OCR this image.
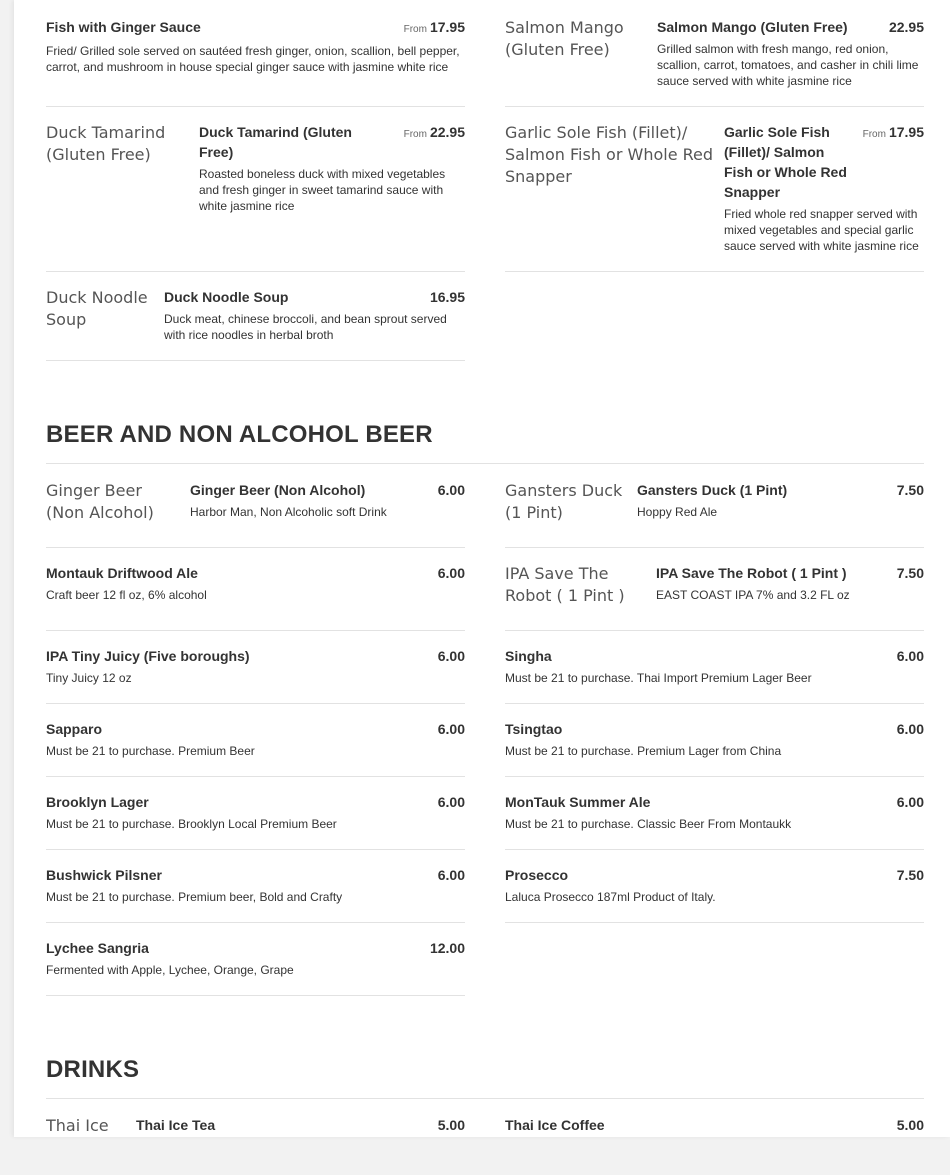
Fish with Ginger Sauce	From 17.95
Fried/ Grilled sole served on sautéed fresh ginger, onion, scallion, bell pepper, carrot, and mushroom in house special ginger sauce with jasmine white rice
Salmon Mango (Gluten Free)
Salmon Mango (Gluten Free)	22.95
Grilled salmon with fresh mango, red onion, scallion, carrot, tomatoes, and casher in chili lime sauce served with white jasmine rice
Duck Tamarind (Gluten Free)
Duck Tamarind (Gluten Free)
From 22.95
Roasted boneless duck with mixed vegetables and fresh ginger in sweet tamarind sauce with white jasmine rice
Garlic Sole Fish (Fillet)/ Salmon Fish or Whole Red Snapper
Garlic Sole Fish (Fillet)/ Salmon Fish or Whole Red Snapper
From 17.95
Fried whole red snapper served with mixed vegetables and special garlic sauce served with white jasmine rice
Duck Noodle Soup
Duck Noodle Soup	16.95
Duck meat, chinese broccoli, and bean sprout served with rice noodles in herbal broth
BEER AND NON ALCOHOL BEER
Ginger Beer (Non Alcohol)
Ginger Beer (Non Alcohol)	6.00
Harbor Man, Non Alcoholic soft Drink
Gansters Duck (1 Pint)
Gansters Duck (1 Pint)	7.50
Hoppy Red Ale
Montauk Driftwood Ale	6.00
Craft beer 12 fl oz, 6% alcohol
IPA Save The Robot ( 1 Pint )
IPA Save The Robot ( 1 Pint )	7.50
EAST COAST IPA 7% and 3.2 FL oz
IPA Tiny Juicy (Five boroughs)	6.00
Tiny Juicy 12 oz
Singha	6.00
Must be 21 to purchase. Thai Import Premium Lager Beer
Sapparo	6.00
Must be 21 to purchase. Premium Beer
Tsingtao	6.00
Must be 21 to purchase. Premium Lager from China
Brooklyn Lager	6.00
Must be 21 to purchase. Brooklyn Local Premium Beer
MonTauk Summer Ale	6.00
Must be 21 to purchase. Classic Beer From Montaukk
Bushwick Pilsner	6.00
Must be 21 to purchase. Premium beer, Bold and Crafty
Prosecco	7.50
Laluca Prosecco 187ml Product of Italy.
Lychee Sangria	12.00
Fermented with Apple, Lychee, Orange, Grape
DRINKS
Thai Ice	Thai Ice Tea	5.00	Thai Ice Coffee	5.00
